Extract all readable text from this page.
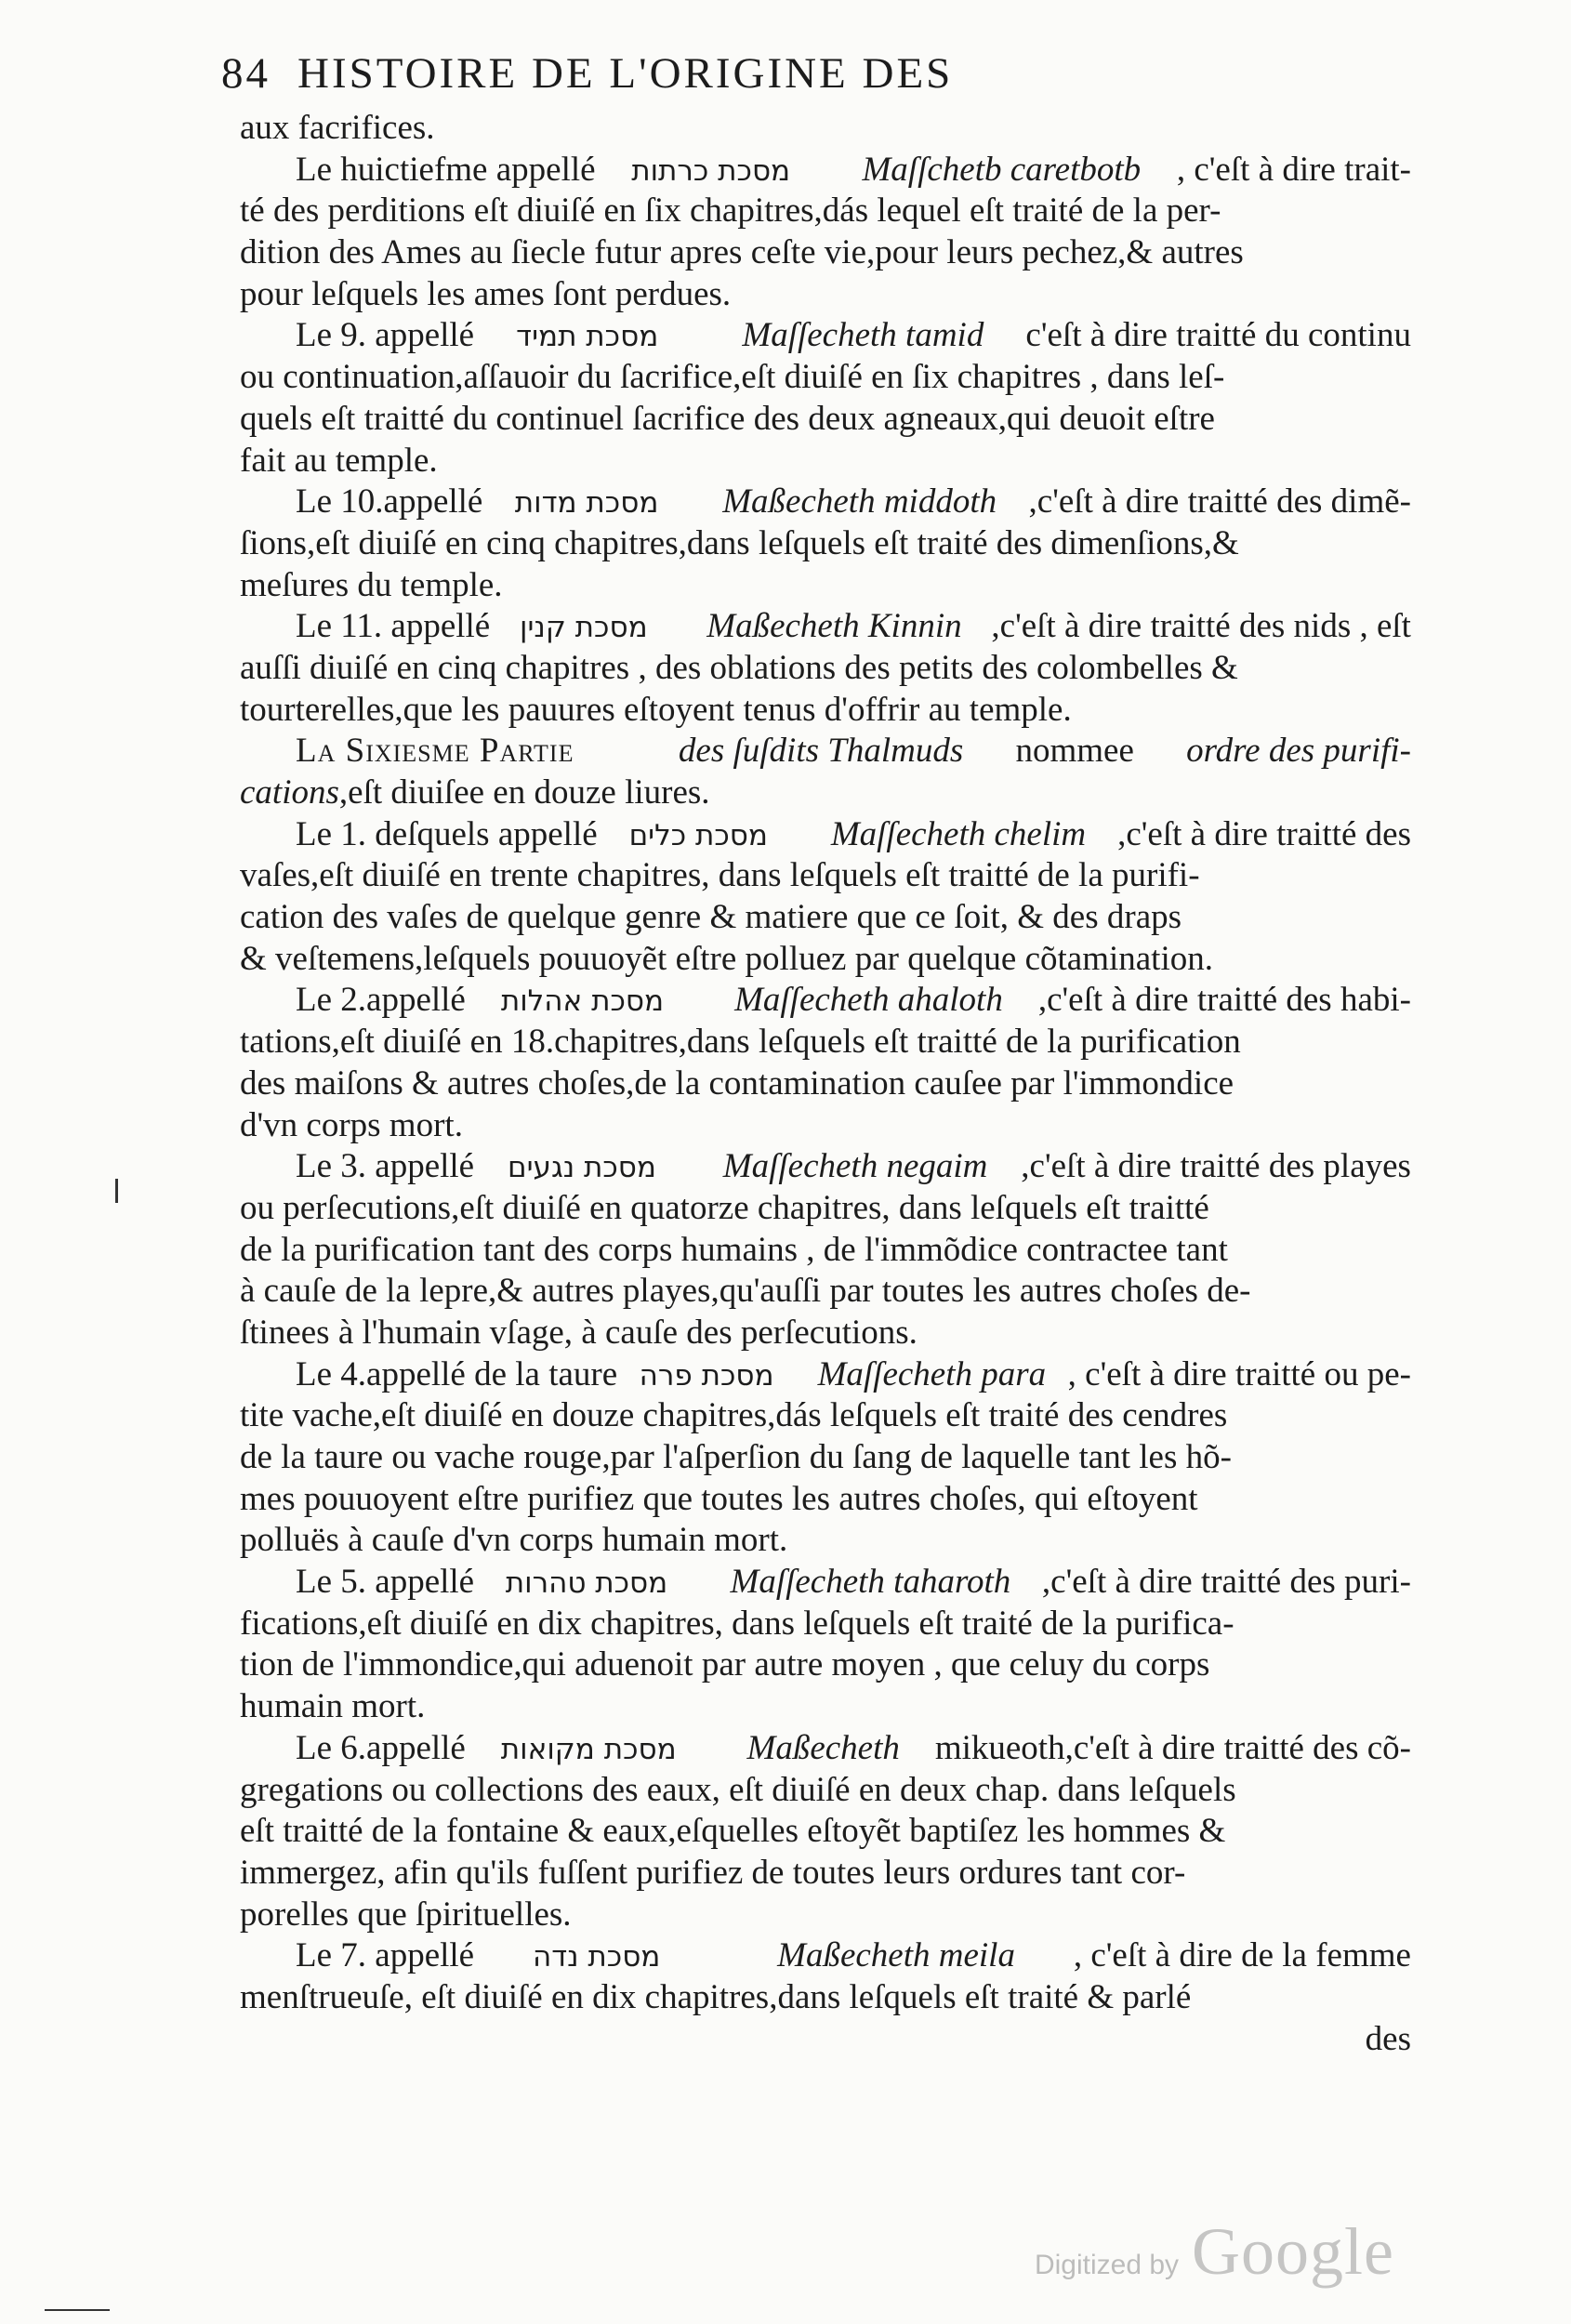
84 HISTOIRE DE L'ORIGINE DES
aux facrifices.
Le huictiefme appellé מסכת כרתות Maſſchetb caretbotb , c'eſt à dire trait-
té des perditions eſt diuiſé en ſix chapitres,dás lequel eſt traité de la per-
dition des Ames au ſiecle futur apres ceſte vie,pour leurs pechez,& autres
pour leſquels les ames ſont perdues.
Le 9. appellé מסכת תמיד Maſſecheth tamid c'eſt à dire traitté du continu
ou continuation,aſſauoir du ſacrifice,eſt diuiſé en ſix chapitres , dans leſ-
quels eſt traitté du continuel ſacrifice des deux agneaux,qui deuoit eſtre
fait au temple.
Le 10.appellé מסכת מדות Maßecheth middoth ,c'eſt à dire traitté des dimẽ-
ſions,eſt diuiſé en cinq chapitres,dans leſquels eſt traité des dimenſions,&
meſures du temple.
Le 11. appellé מסכת קנין Maßecheth Kinnin ,c'eſt à dire traitté des nids , eſt
auſſi diuiſé en cinq chapitres , des oblations des petits des colombelles &
tourterelles,que les pauures eſtoyent tenus d'offrir au temple.
La Sixiesme Partie	des ſuſdits Thalmuds nommee ordre des purifi-
cations ,eſt diuiſee en douze liures.
Le 1. deſquels appellé מסכת כלים Maſſecheth chelim ,c'eſt à dire traitté des
vaſes,eſt diuiſé en trente chapitres, dans leſquels eſt traitté de la purifi-
cation des vaſes de quelque genre & matiere que ce ſoit, & des draps
& veſtemens,leſquels pouuoyẽt eſtre polluez par quelque cõtamination.
Le 2.appellé מסכת אהלות Maſſecheth ahaloth ,c'eſt à dire traitté des habi-
tations,eſt diuiſé en 18.chapitres,dans leſquels eſt traitté de la purification
des maiſons & autres choſes,de la contamination cauſee par l'immondice
d'vn corps mort.
Le 3. appellé מסכת נגעים Maſſecheth negaim ,c'eſt à dire traitté des playes
ou perſecutions,eſt diuiſé en quatorze chapitres, dans leſquels eſt traitté
de la purification tant des corps humains , de l'immõdice contractee tant
à cauſe de la lepre,& autres playes,qu'auſſi par toutes les autres choſes de-
ſtinees à l'humain vſage, à cauſe des perſecutions.
Le 4.appellé de la taure מסכת פרה Maſſecheth para , c'eſt à dire traitté ou pe-
tite vache,eſt diuiſé en douze chapitres,dás leſquels eſt traité des cendres
de la taure ou vache rouge,par l'aſperſion du ſang de laquelle tant les hõ-
mes pouuoyent eſtre purifiez que toutes les autres choſes, qui eſtoyent
polluës à cauſe d'vn corps humain mort.
Le 5. appellé מסכת טהרות Maſſecheth taharoth ,c'eſt à dire traitté des puri-
fications,eſt diuiſé en dix chapitres, dans leſquels eſt traité de la purifica-
tion de l'immondice,qui aduenoit par autre moyen , que celuy du corps
humain mort.
Le 6.appellé מסכת מקואות Maßecheth mikueoth,c'eſt à dire traitté des cõ-
gregations ou collections des eaux, eſt diuiſé en deux chap. dans leſquels
eſt traitté de la fontaine & eaux,eſquelles eſtoyẽt baptiſez les hommes &
immergez, afin qu'ils fuſſent purifiez de toutes leurs ordures tant cor-
porelles que ſpirituelles.
Le 7. appellé מסכת נדה	Maßecheth meila , c'eſt à dire de la femme
menſtrueuſe, eſt diuiſé en dix chapitres,dans leſquels eſt traité & parlé
des
Digitized by Google
